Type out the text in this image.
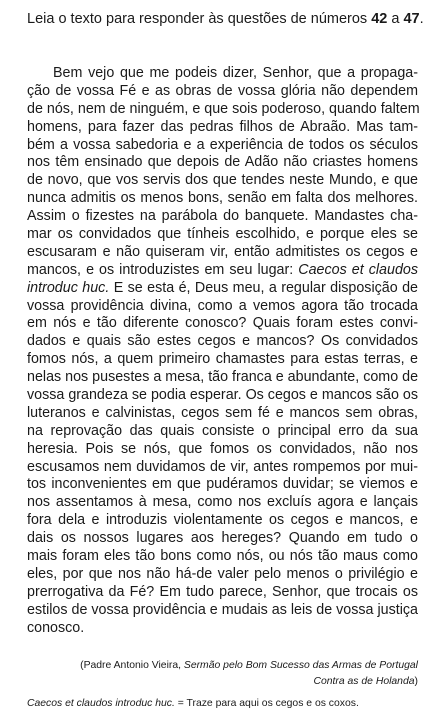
Leia o texto para responder às questões de números 42 a 47.
Bem vejo que me podeis dizer, Senhor, que a propaga-
ção de vossa Fé e as obras de vossa glória não dependem
de nós, nem de ninguém, e que sois poderoso, quando faltem
homens, para fazer das pedras filhos de Abraão. Mas tam-
bém a vossa sabedoria e a experiência de todos os séculos
nos têm ensinado que depois de Adão não criastes homens
de novo, que vos servis dos que tendes neste Mundo, e que
nunca admitis os menos bons, senão em falta dos melhores.
Assim o fizestes na parábola do banquete. Mandastes cha-
mar os convidados que tínheis escolhido, e porque eles se
escusaram e não quiseram vir, então admitistes os cegos e
mancos, e os introduzistes em seu lugar: Caecos et claudos
introduc huc. E se esta é, Deus meu, a regular disposição de
vossa providência divina, como a vemos agora tão trocada
em nós e tão diferente conosco? Quais foram estes convi-
dados e quais são estes cegos e mancos? Os convidados
fomos nós, a quem primeiro chamastes para estas terras, e
nelas nos pusestes a mesa, tão franca e abundante, como de
vossa grandeza se podia esperar. Os cegos e mancos são os
luteranos e calvinistas, cegos sem fé e mancos sem obras,
na reprovação das quais consiste o principal erro da sua
heresia. Pois se nós, que fomos os convidados, não nos
escusamos nem duvidamos de vir, antes rompemos por mui-
tos inconvenientes em que pudéramos duvidar; se viemos e
nos assentamos à mesa, como nos excluís agora e lançais
fora dela e introduzis violentamente os cegos e mancos, e
dais os nossos lugares aos hereges? Quando em tudo o
mais foram eles tão bons como nós, ou nós tão maus como
eles, por que nos não há-de valer pelo menos o privilégio e
prerrogativa da Fé? Em tudo parece, Senhor, que trocais os
estilos de vossa providência e mudais as leis de vossa justiça
conosco.
(Padre Antonio Vieira, Sermão pelo Bom Sucesso das Armas de Portugal
Contra as de Holanda)
Caecos et claudos introduc huc. = Traze para aqui os cegos e os coxos.
